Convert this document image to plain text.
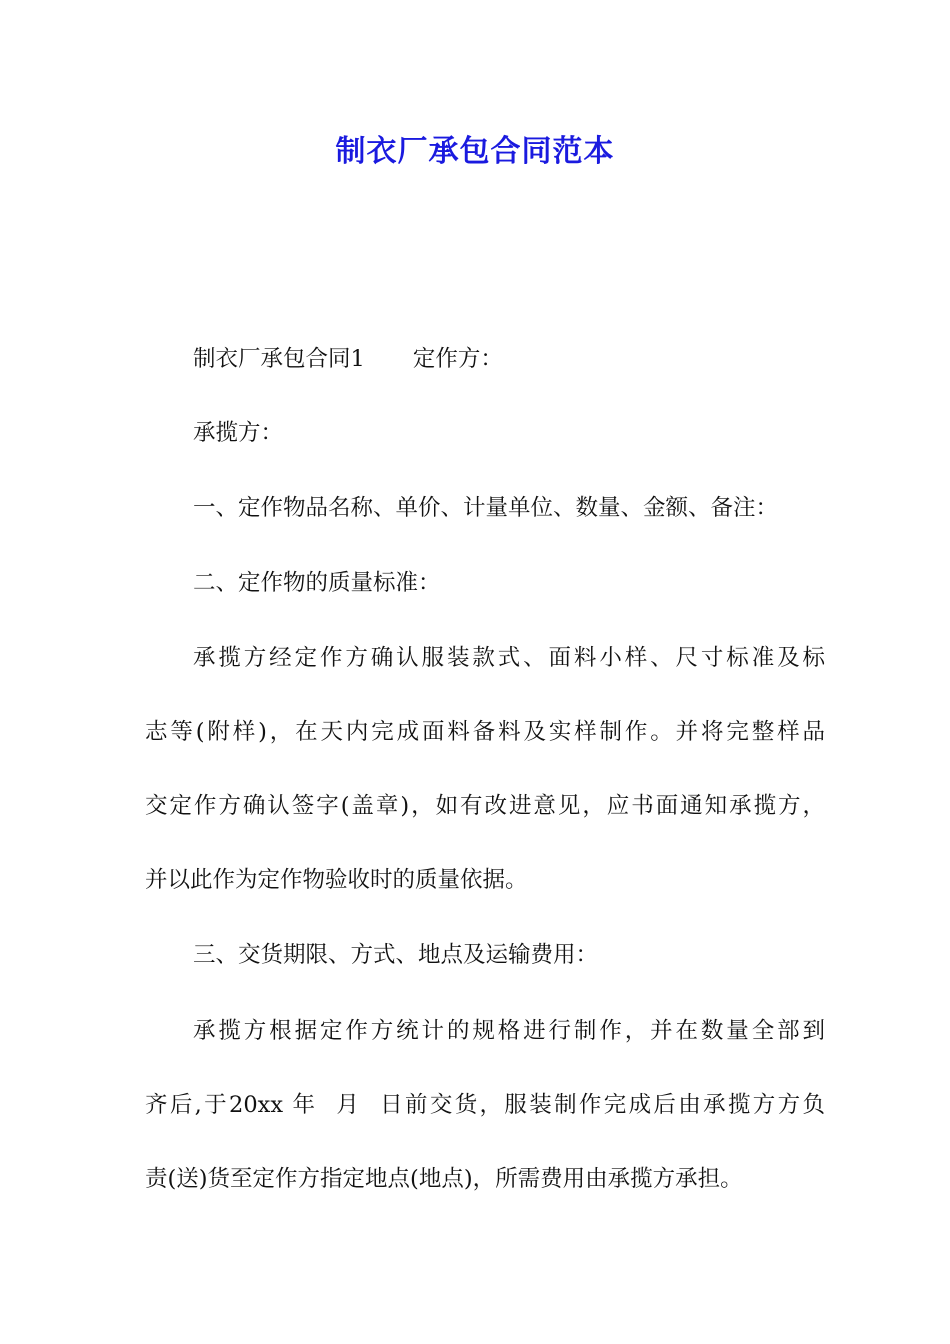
制衣厂承包合同范本
制衣厂承包合同1 定作方：
承揽方：
一、定作物品名称、单价、计量单位、数量、金额、备注：
二、定作物的质量标准：
承揽方经定作方确认服装款式、面料小样、尺寸标准及标
志等(附样)，在天内完成面料备料及实样制作。并将完整样品
交定作方确认签字(盖章)，如有改进意见，应书面通知承揽方，
并以此作为定作物验收时的质量依据。
三、交货期限、方式、地点及运输费用：
承揽方根据定作方统计的规格进行制作，并在数量全部到
齐后,于20xx 年  月  日前交货，服装制作完成后由承揽方方负
责(送)货至定作方指定地点(地点)，所需费用由承揽方承担。
